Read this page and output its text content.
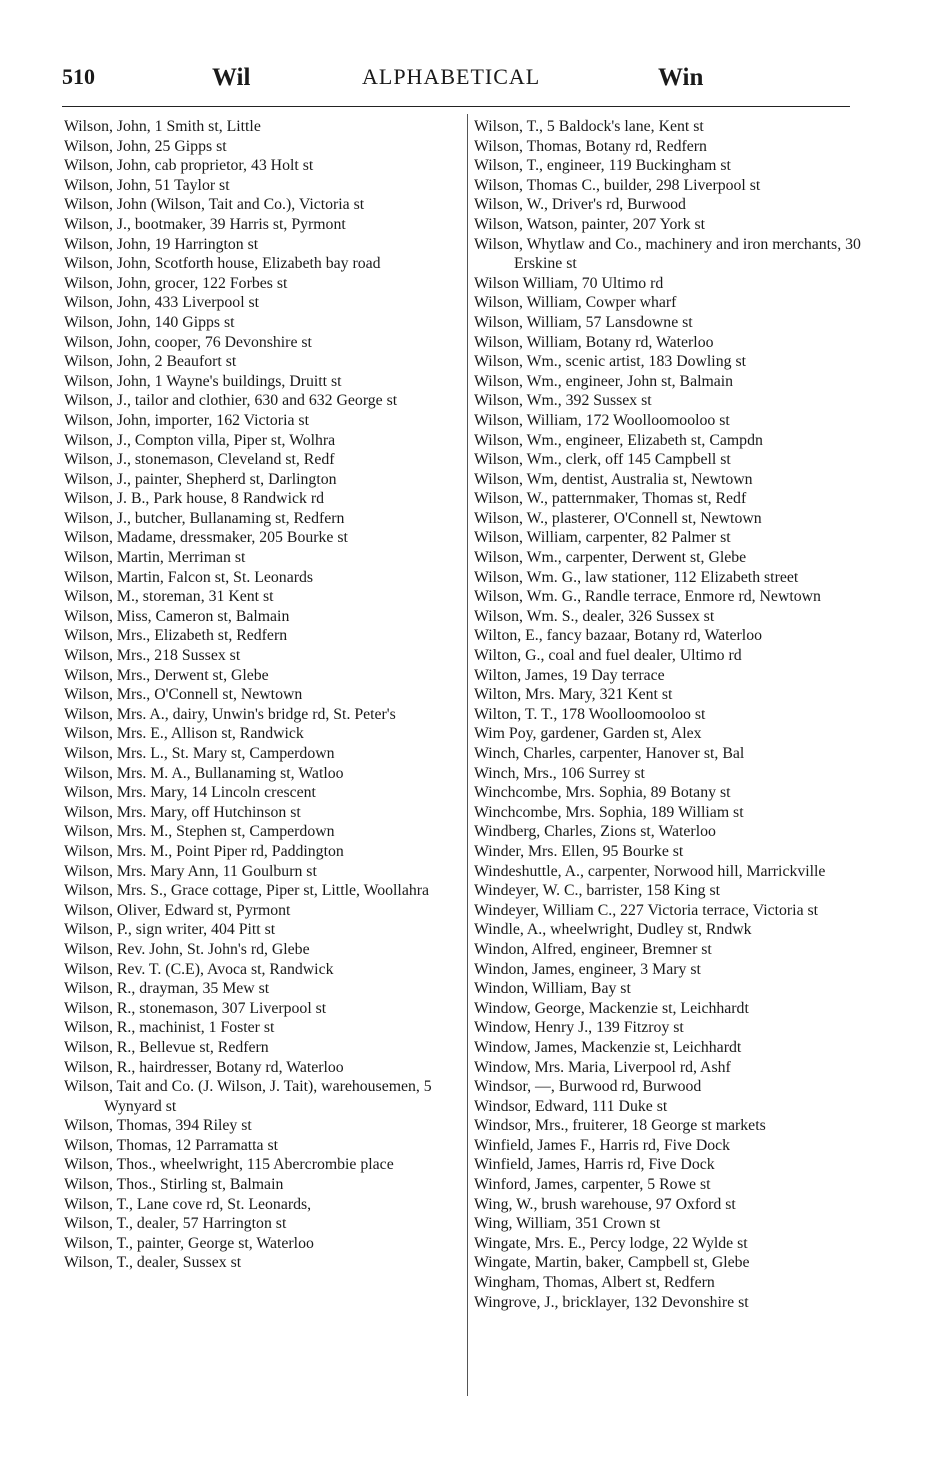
510	Wil	ALPHABETICAL	Win

Wilson, John, 1 Smith st, Little

Wilson, John, 25 Gipps st

Wilson, John, cab proprietor, 43 Holt st

Wilson, John, 51 Taylor st

Wilson, John (Wilson, Tait and Co.), Victoria st

Wilson, J., bootmaker, 39 Harris st, Pyrmont

Wilson, John, 19 Harrington st

Wilson, John, Scotforth house, Elizabeth bay road

Wilson, John, grocer, 122 Forbes st

Wilson, John, 433 Liverpool st

Wilson, John, 140 Gipps st

Wilson, John, cooper, 76 Devonshire st

Wilson, John, 2 Beaufort st

Wilson, John, 1 Wayne's buildings, Druitt st

Wilson, J., tailor and clothier, 630 and 632 George st

Wilson, John, importer, 162 Victoria st

Wilson, J., Compton villa, Piper st, Wolhra

Wilson, J., stonemason, Cleveland st, Redf

Wilson, J., painter, Shepherd st, Darlington

Wilson, J. B., Park house, 8 Randwick rd

Wilson, J., butcher, Bullanaming st, Redfern

Wilson, Madame, dressmaker, 205 Bourke st

Wilson, Martin, Merriman st

Wilson, Martin, Falcon st, St. Leonards

Wilson, M., storeman, 31 Kent st

Wilson, Miss, Cameron st, Balmain

Wilson, Mrs., Elizabeth st, Redfern

Wilson, Mrs., 218 Sussex st

Wilson, Mrs., Derwent st, Glebe

Wilson, Mrs., O'Connell st, Newtown

Wilson, Mrs. A., dairy, Unwin's bridge rd, St. Peter's

Wilson, Mrs. E., Allison st, Randwick

Wilson, Mrs. L., St. Mary st, Camperdown

Wilson, Mrs. M. A., Bullanaming st, Watloo

Wilson, Mrs. Mary, 14 Lincoln crescent

Wilson, Mrs. Mary, off Hutchinson st

Wilson, Mrs. M., Stephen st, Camperdown

Wilson, Mrs. M., Point Piper rd, Paddington

Wilson, Mrs. Mary Ann, 11 Goulburn st

Wilson, Mrs. S., Grace cottage, Piper st, Little, Woollahra

Wilson, Oliver, Edward st, Pyrmont

Wilson, P., sign writer, 404 Pitt st

Wilson, Rev. John, St. John's rd, Glebe

Wilson, Rev. T. (C.E), Avoca st, Randwick

Wilson, R., drayman, 35 Mew st

Wilson, R., stonemason, 307 Liverpool st

Wilson, R., machinist, 1 Foster st

Wilson, R., Bellevue st, Redfern

Wilson, R., hairdresser, Botany rd, Waterloo

Wilson, Tait and Co. (J. Wilson, J. Tait), warehousemen, 5 Wynyard st

Wilson, Thomas, 394 Riley st

Wilson, Thomas, 12 Parramatta st

Wilson, Thos., wheelwright, 115 Abercrombie place

Wilson, Thos., Stirling st, Balmain

Wilson, T., Lane cove rd, St. Leonards,

Wilson, T., dealer, 57 Harrington st

Wilson, T., painter, George st, Waterloo

Wilson, T., dealer, Sussex st

Wilson, T., 5 Baldock's lane, Kent st

Wilson, Thomas, Botany rd, Redfern

Wilson, T., engineer, 119 Buckingham st

Wilson, Thomas C., builder, 298 Liverpool st

Wilson, W., Driver's rd, Burwood

Wilson, Watson, painter, 207 York st

Wilson, Whytlaw and Co., machinery and iron merchants, 30 Erskine st

Wilson William, 70 Ultimo rd

Wilson, William, Cowper wharf

Wilson, William, 57 Lansdowne st

Wilson, William, Botany rd, Waterloo

Wilson, Wm., scenic artist, 183 Dowling st

Wilson, Wm., engineer, John st, Balmain

Wilson, Wm., 392 Sussex st

Wilson, William, 172 Woolloomooloo st

Wilson, Wm., engineer, Elizabeth st, Campdn

Wilson, Wm., clerk, off 145 Campbell st

Wilson, Wm, dentist, Australia st, Newtown

Wilson, W., patternmaker, Thomas st, Redf

Wilson, W., plasterer, O'Connell st, Newtown

Wilson, William, carpenter, 82 Palmer st

Wilson, Wm., carpenter, Derwent st, Glebe

Wilson, Wm. G., law stationer, 112 Elizabeth street

Wilson, Wm. G., Randle terrace, Enmore rd, Newtown

Wilson, Wm. S., dealer, 326 Sussex st

Wilton, E., fancy bazaar, Botany rd, Waterloo

Wilton, G., coal and fuel dealer, Ultimo rd

Wilton, James, 19 Day terrace

Wilton, Mrs. Mary, 321 Kent st

Wilton, T. T., 178 Woolloomooloo st

Wim Poy, gardener, Garden st, Alex

Winch, Charles, carpenter, Hanover st, Bal

Winch, Mrs., 106 Surrey st

Winchcombe, Mrs. Sophia, 89 Botany st

Winchcombe, Mrs. Sophia, 189 William st

Windberg, Charles, Zions st, Waterloo

Winder, Mrs. Ellen, 95 Bourke st

Windeshuttle, A., carpenter, Norwood hill, Marrickville

Windeyer, W. C., barrister, 158 King st

Windeyer, William C., 227 Victoria terrace, Victoria st

Windle, A., wheelwright, Dudley st, Rndwk

Windon, Alfred, engineer, Bremner st

Windon, James, engineer, 3 Mary st

Windon, William, Bay st

Window, George, Mackenzie st, Leichhardt

Window, Henry J., 139 Fitzroy st

Window, James, Mackenzie st, Leichhardt

Window, Mrs. Maria, Liverpool rd, Ashf

Windsor, —, Burwood rd, Burwood

Windsor, Edward, 111 Duke st

Windsor, Mrs., fruiterer, 18 George st markets

Winfield, James F., Harris rd, Five Dock

Winfield, James, Harris rd, Five Dock

Winford, James, carpenter, 5 Rowe st

Wing, W., brush warehouse, 97 Oxford st

Wing, William, 351 Crown st

Wingate, Mrs. E., Percy lodge, 22 Wylde st

Wingate, Martin, baker, Campbell st, Glebe

Wingham, Thomas, Albert st, Redfern

Wingrove, J., bricklayer, 132 Devonshire st
